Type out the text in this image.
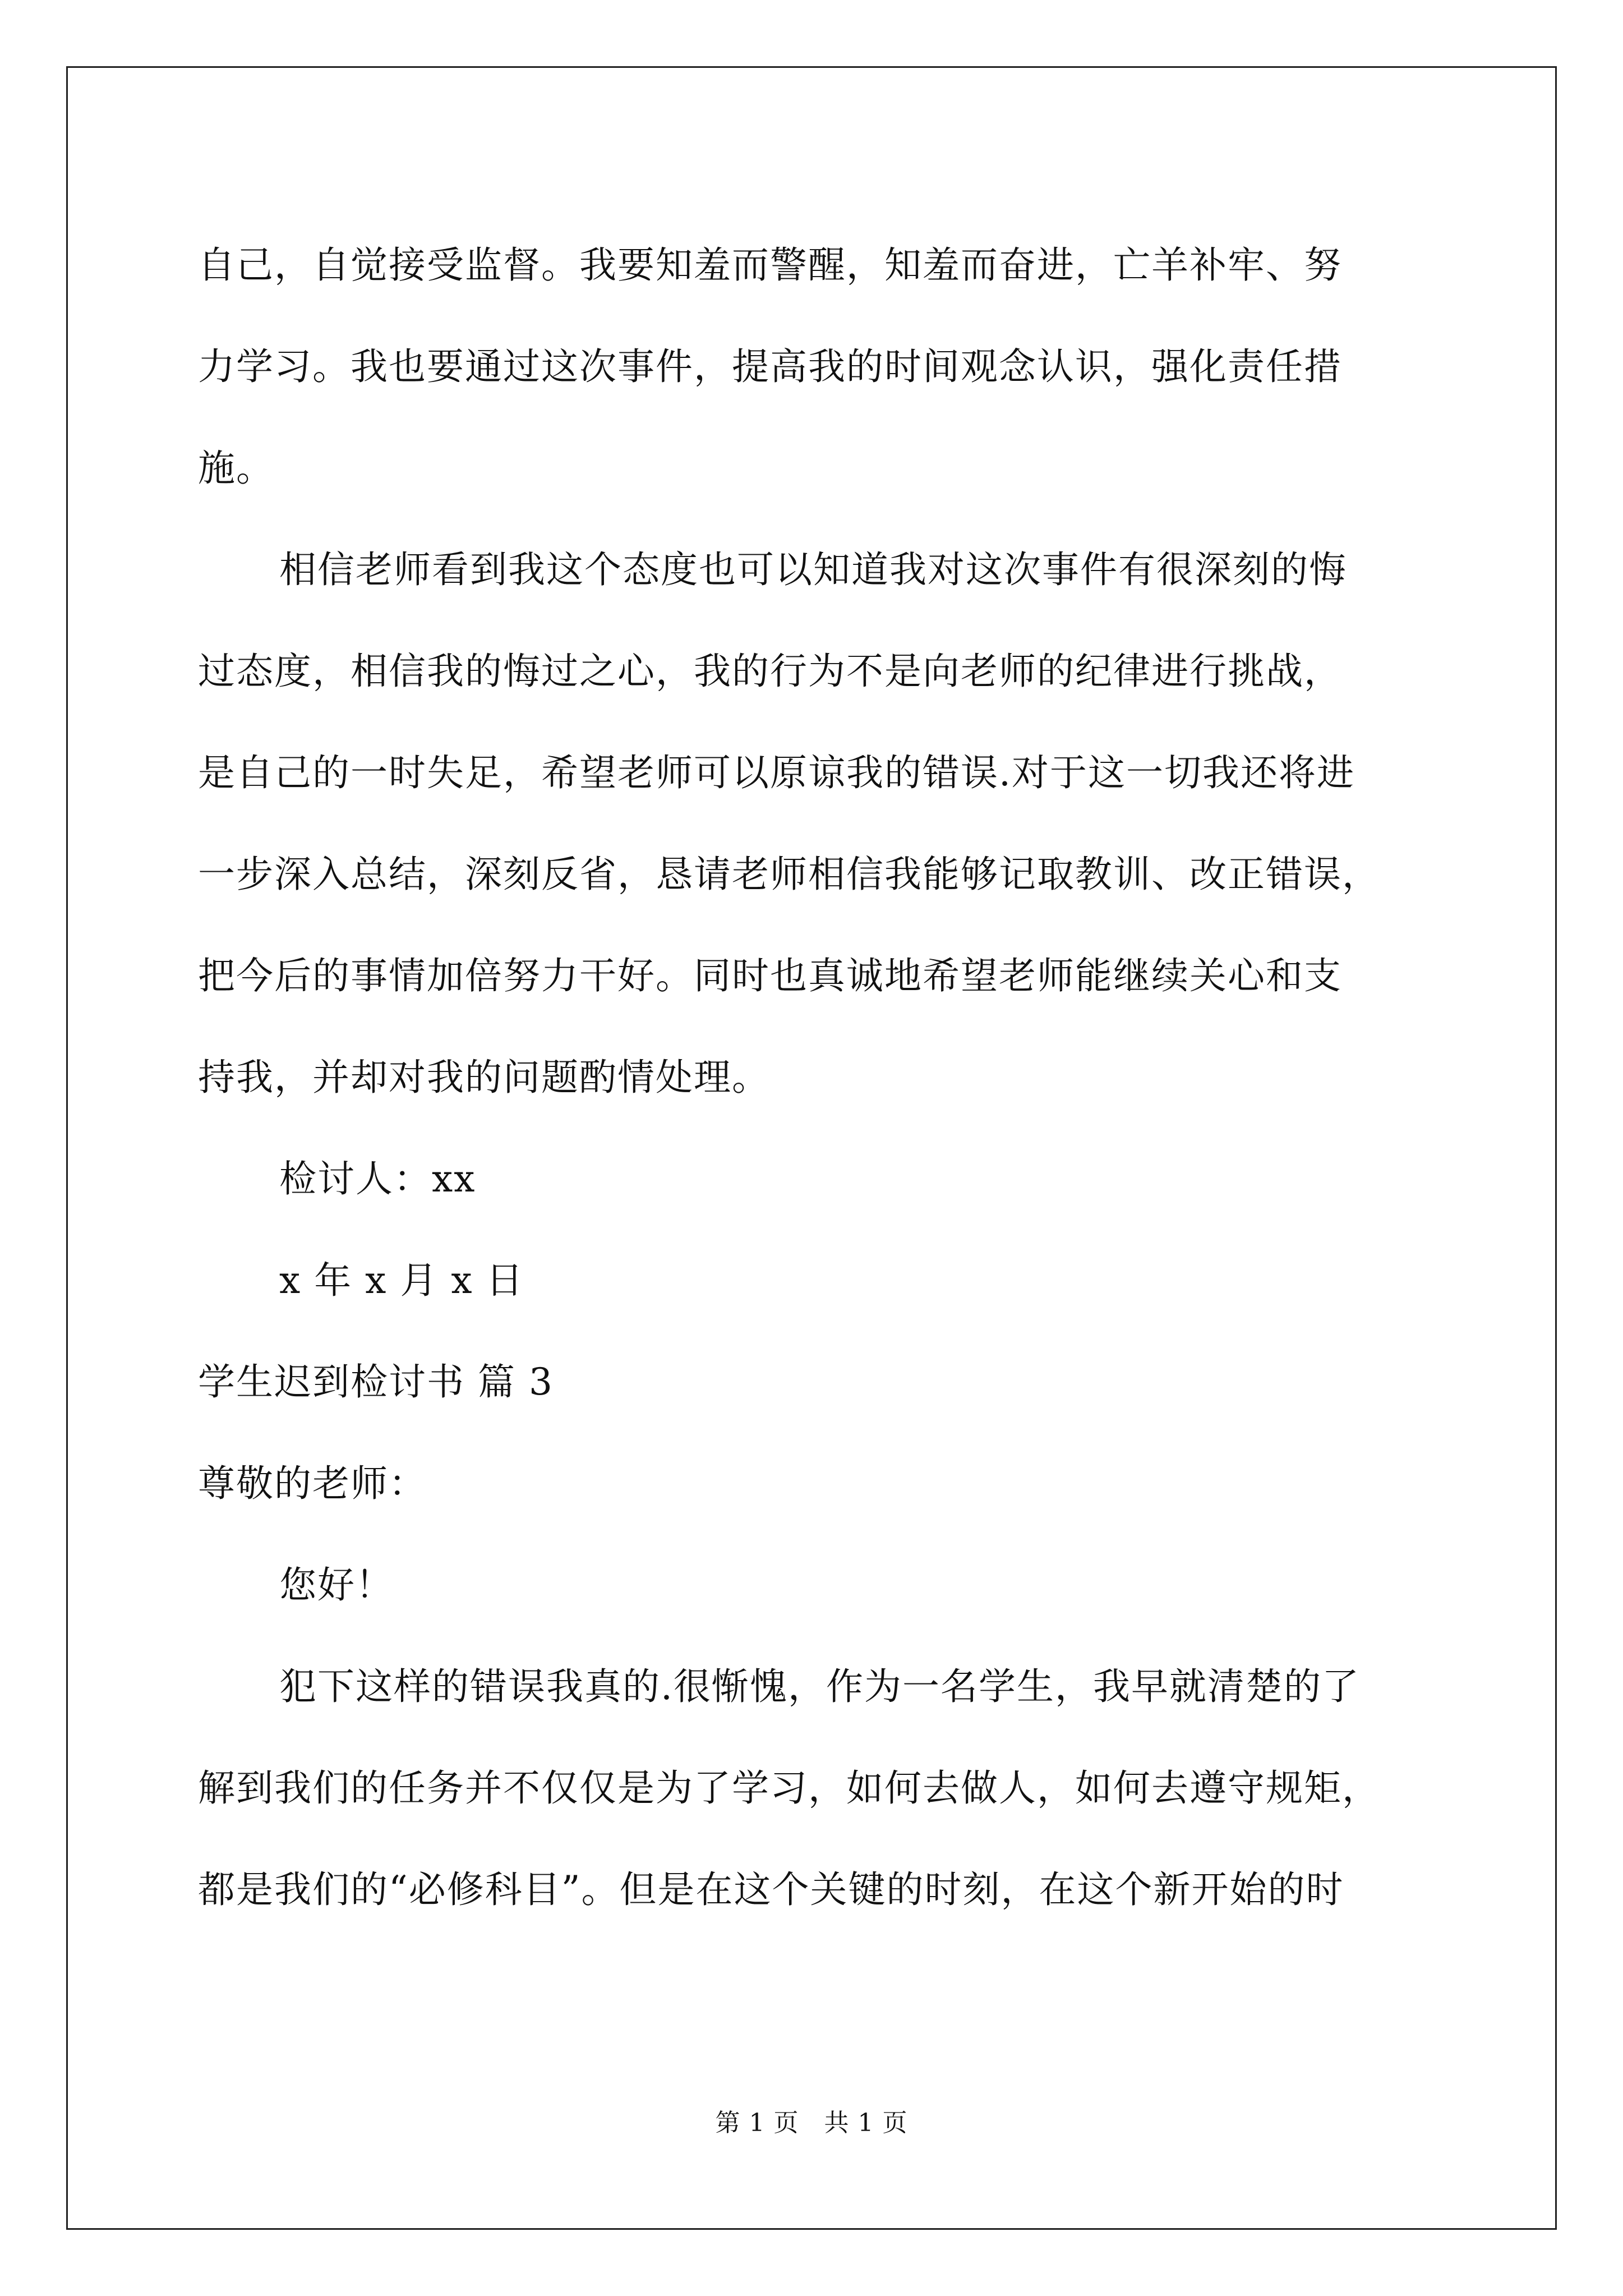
自己，自觉接受监督。我要知羞而警醒，知羞而奋进，亡羊补牢、努
力学习。我也要通过这次事件，提高我的时间观念认识，强化责任措
施。
相信老师看到我这个态度也可以知道我对这次事件有很深刻的悔
过态度，相信我的悔过之心，我的行为不是向老师的纪律进行挑战，
是自己的一时失足，希望老师可以原谅我的错误.对于这一切我还将进
一步深入总结，深刻反省，恳请老师相信我能够记取教训、改正错误，
把今后的事情加倍努力干好。同时也真诚地希望老师能继续关心和支
持我，并却对我的问题酌情处理。
检讨人：xx
x 年 x 月 x 日
学生迟到检讨书 篇 3
尊敬的老师：
您好！
犯下这样的错误我真的.很惭愧，作为一名学生，我早就清楚的了
解到我们的任务并不仅仅是为了学习，如何去做人，如何去遵守规矩，
都是我们的“必修科目”。但是在这个关键的时刻，在这个新开始的时
第 1 页　共 1 页
